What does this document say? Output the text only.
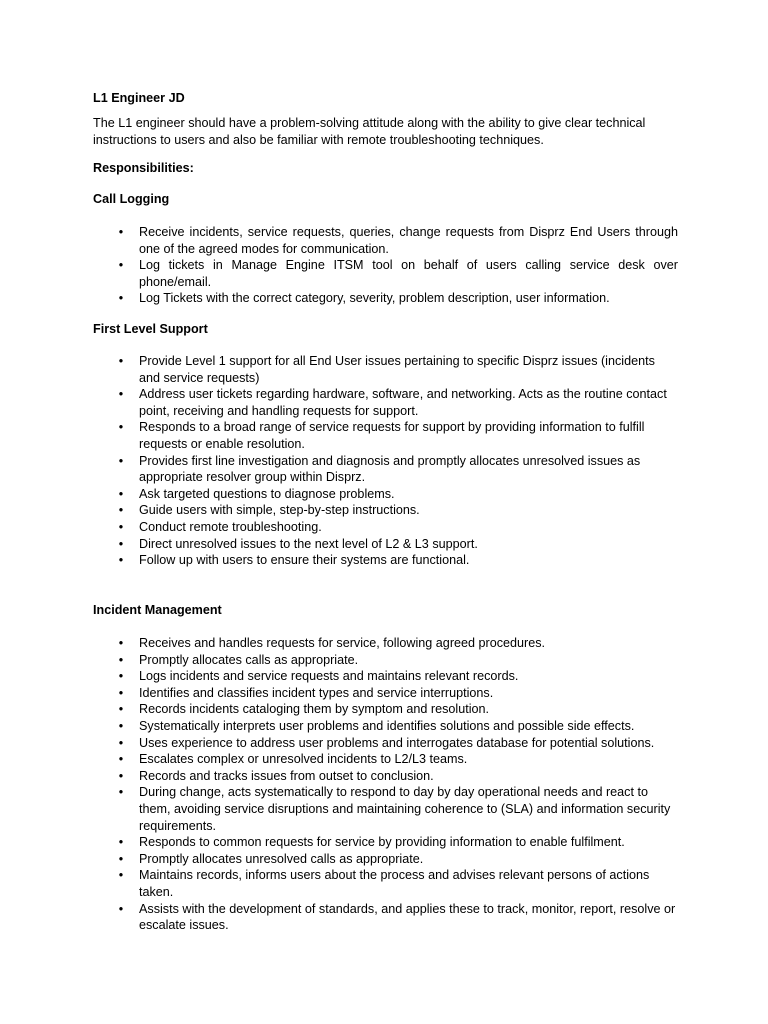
L1 Engineer JD

The L1 engineer should have a problem-solving attitude along with the ability to give clear technical instructions to users and also be familiar with remote troubleshooting techniques.

Responsibilities:

Call Logging

• Receive incidents, service requests, queries, change requests from Disprz End Users through one of the agreed modes for communication.
• Log tickets in Manage Engine ITSM tool on behalf of users calling service desk over phone/email.
• Log Tickets with the correct category, severity, problem description, user information.

First Level Support

• Provide Level 1 support for all End User issues pertaining to specific Disprz issues (incidents and service requests)
• Address user tickets regarding hardware, software, and networking. Acts as the routine contact point, receiving and handling requests for support.
• Responds to a broad range of service requests for support by providing information to fulfill requests or enable resolution.
• Provides first line investigation and diagnosis and promptly allocates unresolved issues as appropriate resolver group within Disprz.
• Ask targeted questions to diagnose problems.
• Guide users with simple, step-by-step instructions.
• Conduct remote troubleshooting.
• Direct unresolved issues to the next level of L2 & L3 support.
• Follow up with users to ensure their systems are functional.

Incident Management

• Receives and handles requests for service, following agreed procedures.
• Promptly allocates calls as appropriate.
• Logs incidents and service requests and maintains relevant records.
• Identifies and classifies incident types and service interruptions.
• Records incidents cataloging them by symptom and resolution.
• Systematically interprets user problems and identifies solutions and possible side effects.
• Uses experience to address user problems and interrogates database for potential solutions.
• Escalates complex or unresolved incidents to L2/L3 teams.
• Records and tracks issues from outset to conclusion.
• During change, acts systematically to respond to day by day operational needs and react to them, avoiding service disruptions and maintaining coherence to (SLA) and information security requirements.
• Responds to common requests for service by providing information to enable fulfilment.
• Promptly allocates unresolved calls as appropriate.
• Maintains records, informs users about the process and advises relevant persons of actions taken.
• Assists with the development of standards, and applies these to track, monitor, report, resolve or escalate issues.
